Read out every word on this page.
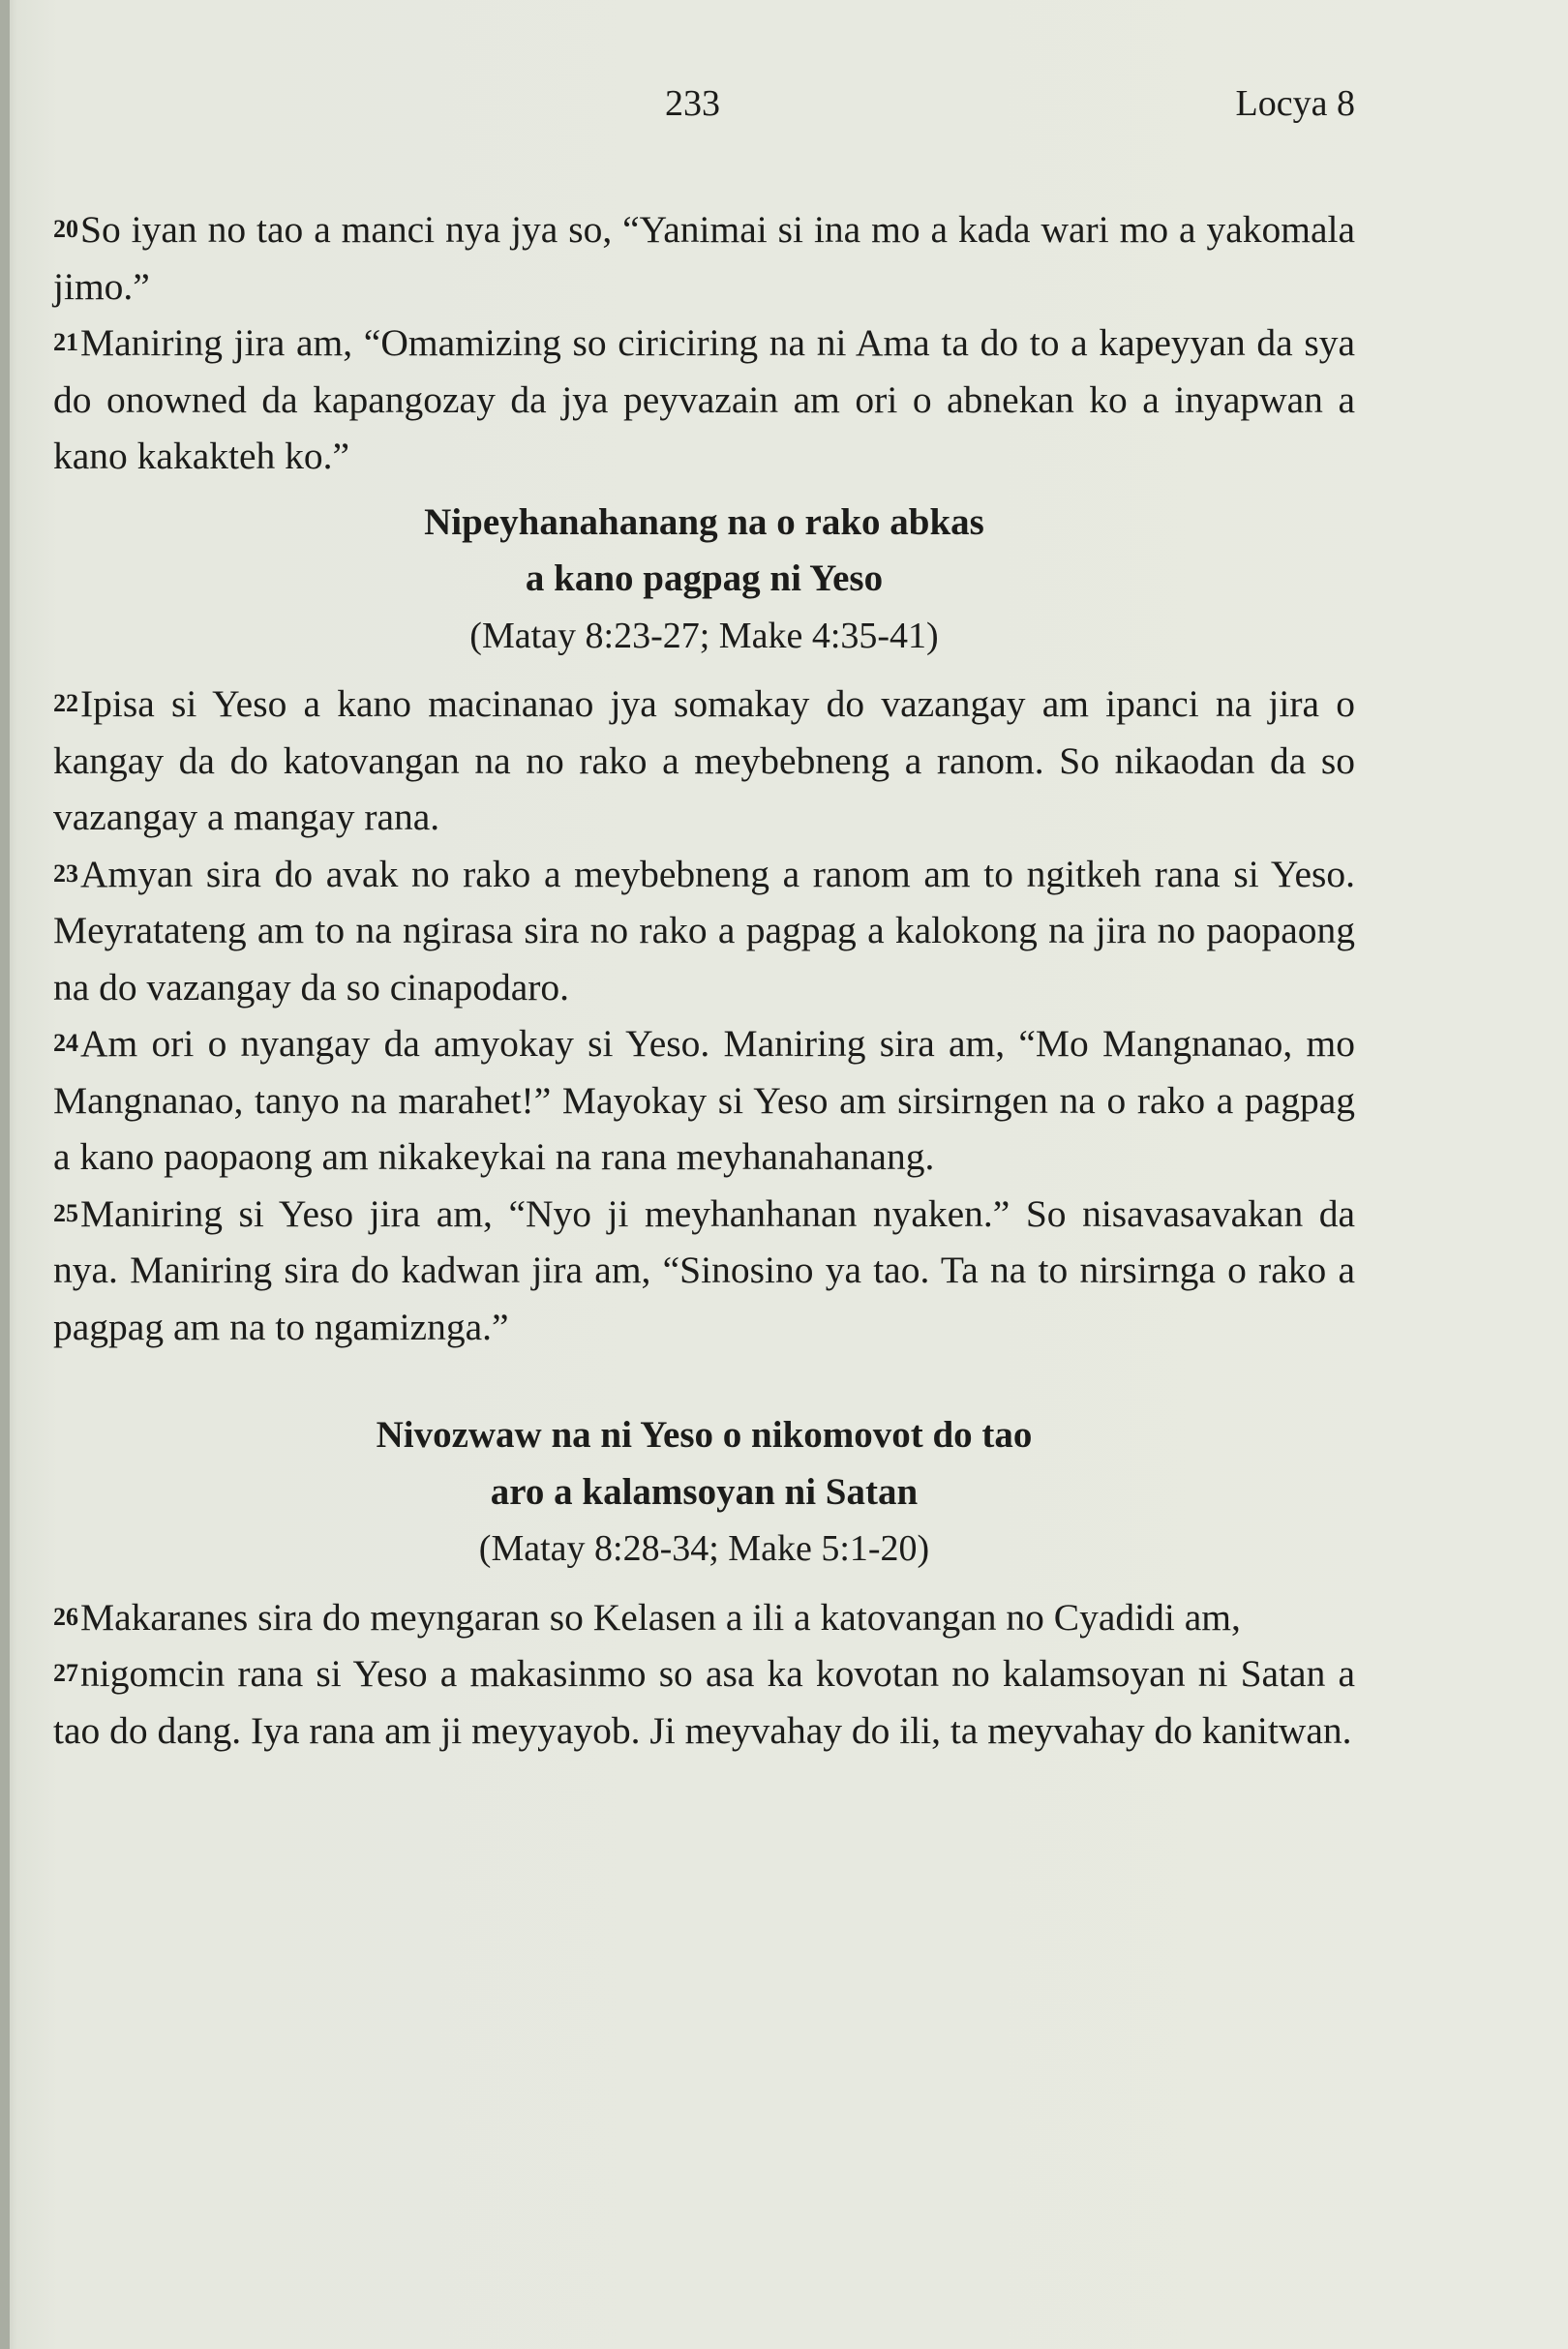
233	Locya 8

20So iyan no tao a manci nya jya so, “Yanimai si ina mo a kada wari mo a yakomala jimo.”

21Maniring jira am, “Omamizing so ciriciring na ni Ama ta do to a kapeyyan da sya do onowned da kapangozay da jya peyvazain am ori o abnekan ko a inyapwan a kano kakakteh ko.”

Nipeyhanahanang na o rako abkas

a kano pagpag ni Yeso

(Matay 8:23-27; Make 4:35-41)

22Ipisa si Yeso a kano macinanao jya somakay do vazangay am ipanci na jira o kangay da do katovangan na no rako a meybebneng a ranom. So nikaodan da so vazangay a mangay rana.

23Amyan sira do avak no rako a meybebneng a ranom am to ngitkeh rana si Yeso. Meyratateng am to na ngirasa sira no rako a pagpag a kalokong na jira no paopaong na do vazangay da so cinapodaro.

24Am ori o nyangay da amyokay si Yeso. Maniring sira am, “Mo Mangnanao, mo Mangnanao, tanyo na marahet!” Mayokay si Yeso am sirsirngen na o rako a pagpag a kano paopaong am nikakeykai na rana meyhanahanang.

25Maniring si Yeso jira am, “Nyo ji meyhanhanan nyaken.” So nisavasavakan da nya. Maniring sira do kadwan jira am, “Sinosino ya tao. Ta na to nirsirnga o rako a pagpag am na to ngamiznga.”

Nivozwaw na ni Yeso o nikomovot do tao

aro a kalamsoyan ni Satan

(Matay 8:28-34; Make 5:1-20)

26Makaranes sira do meyngaran so Kelasen a ili a katovangan no Cyadidi am,

27nigomcin rana si Yeso a makasinmo so asa ka kovotan no kalamsoyan ni Satan a tao do dang. Iya rana am ji meyyayob. Ji meyvahay do ili, ta meyvahay do kanitwan.
